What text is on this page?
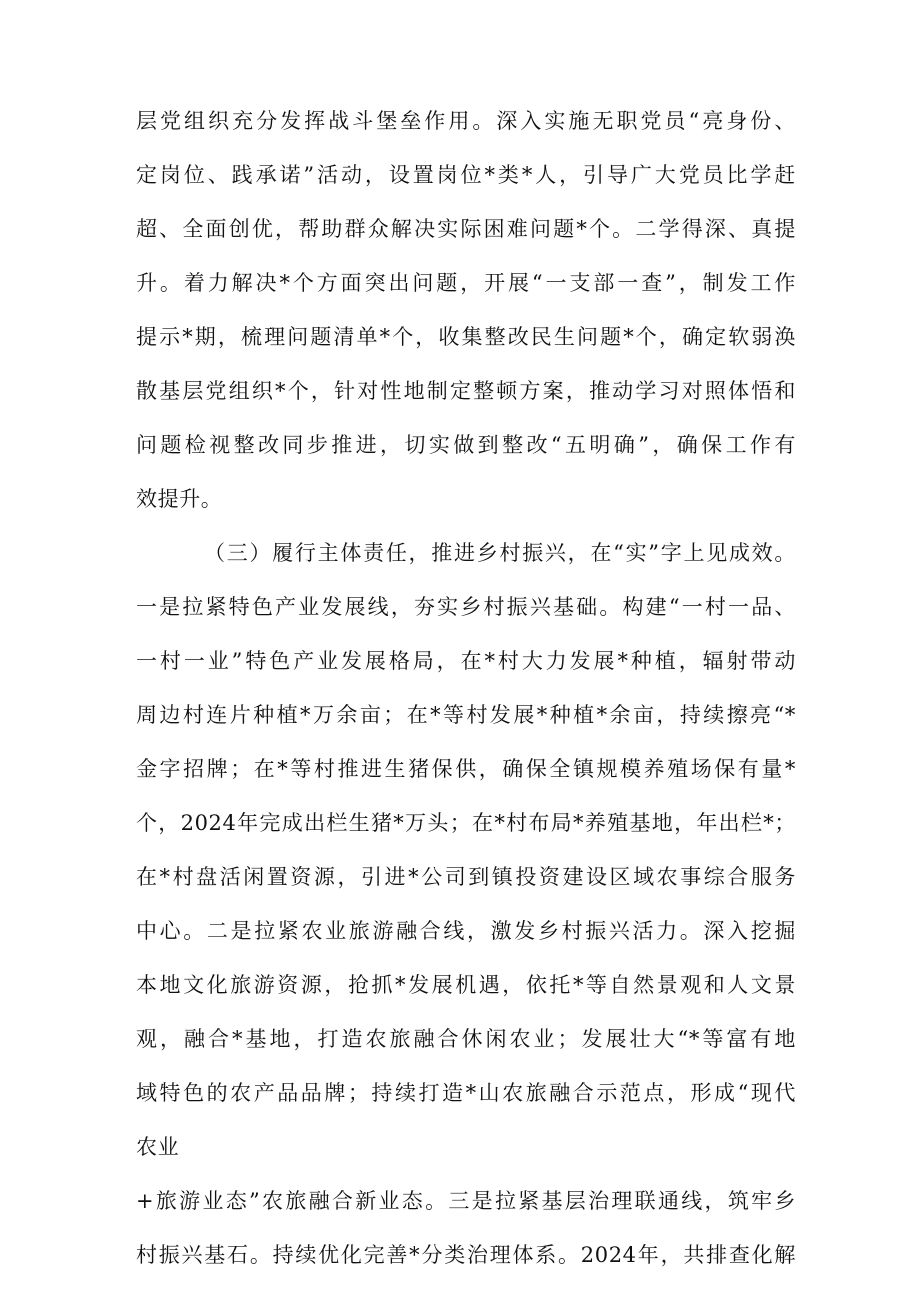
层党组织充分发挥战斗堡垒作用。深入实施无职党员“亮身份、

定岗位、践承诺”活动，设置岗位*类*人，引导广大党员比学赶

超、全面创优，帮助群众解决实际困难问题*个。二学得深、真提

升。着力解决*个方面突出问题，开展“一支部一查”，制发工作

提示*期，梳理问题清单*个，收集整改民生问题*个，确定软弱涣

散基层党组织*个，针对性地制定整顿方案，推动学习对照体悟和

问题检视整改同步推进，切实做到整改“五明确”，确保工作有

效提升。

（三）履行主体责任，推进乡村振兴，在“实”字上见成效。

一是拉紧特色产业发展线，夯实乡村振兴基础。构建“一村一品、

一村一业”特色产业发展格局，在*村大力发展*种植，辐射带动

周边村连片种植*万余亩；在*等村发展*种植*余亩，持续擦亮“*

金字招牌；在*等村推进生猪保供，确保全镇规模养殖场保有量*

个，2024年完成出栏生猪*万头；在*村布局*养殖基地，年出栏*；

在*村盘活闲置资源，引进*公司到镇投资建设区域农事综合服务

中心。二是拉紧农业旅游融合线，激发乡村振兴活力。深入挖掘

本地文化旅游资源，抢抓*发展机遇，依托*等自然景观和人文景

观，融合*基地，打造农旅融合休闲农业；发展壮大“*等富有地

域特色的农产品品牌；持续打造*山农旅融合示范点，形成“现代

农业

+旅游业态”农旅融合新业态。三是拉紧基层治理联通线，筑牢乡

村振兴基石。持续优化完善*分类治理体系。2024年，共排查化解
